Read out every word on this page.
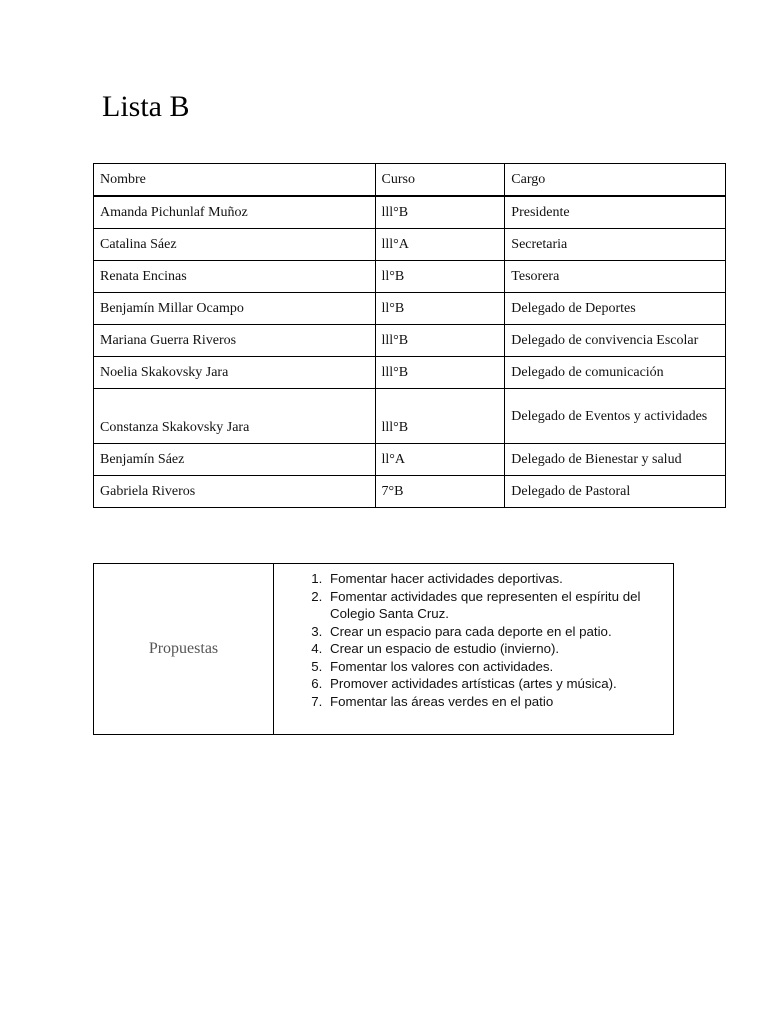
Lista B
Nombre	Curso	Cargo
Amanda Pichunlaf Muñoz	lll°B	Presidente
Catalina Sáez	lll°A	Secretaria
Renata Encinas	ll°B	Tesorera
Benjamín Millar Ocampo	ll°B	Delegado de Deportes
Mariana Guerra Riveros	lll°B	Delegado de convivencia Escolar
Noelia Skakovsky Jara	lll°B	Delegado de comunicación
Constanza Skakovsky Jara	lll°B	Delegado de Eventos y actividades
Benjamín Sáez	ll°A	Delegado de Bienestar y salud
Gabriela Riveros	7°B	Delegado de Pastoral
Propuestas	
1. Fomentar hacer actividades deportivas.
2. Fomentar actividades que representen el espíritu del Colegio Santa Cruz.
3. Crear un espacio para cada deporte en el patio.
4. Crear un espacio de estudio (invierno).
5. Fomentar los valores con actividades.
6. Promover actividades artísticas (artes y música).
7. Fomentar las áreas verdes en el patio
